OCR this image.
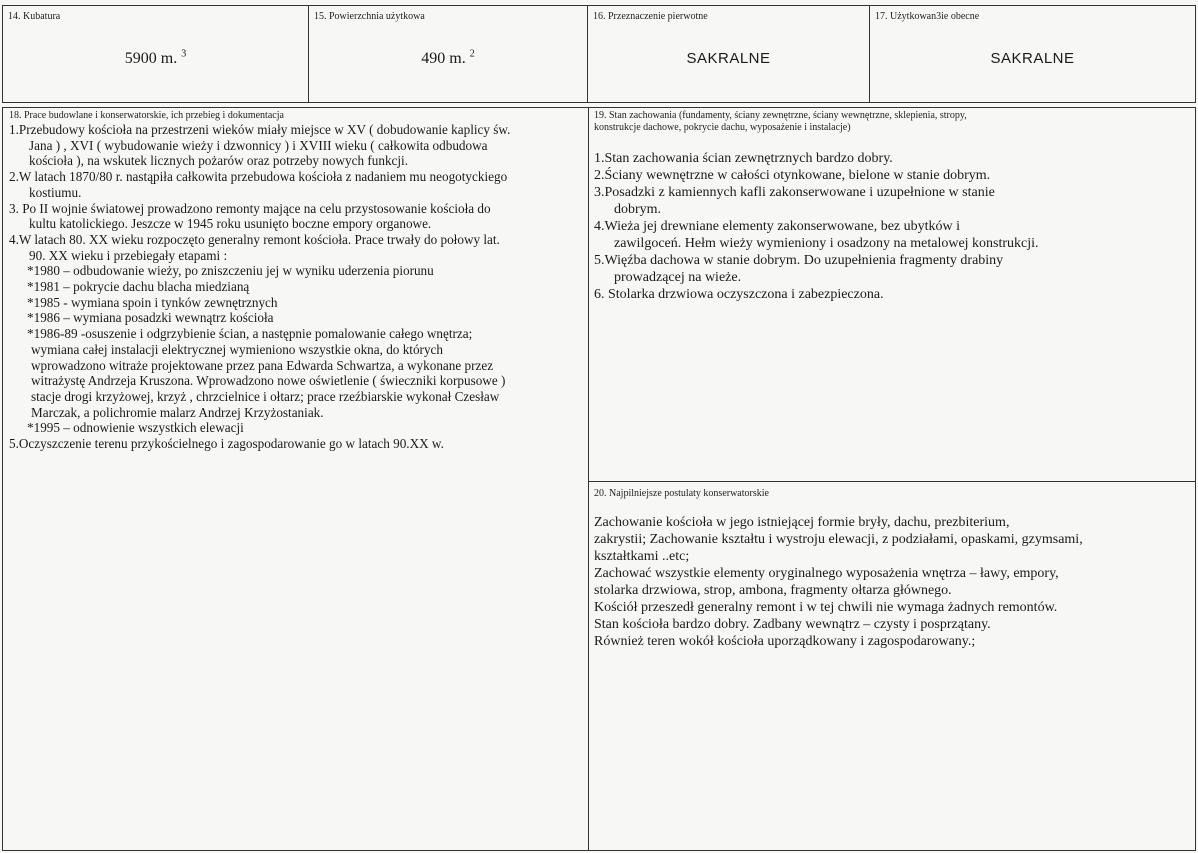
14. Kubatura
5900 m. $^3$
15. Powierzchnia użytkowa
490 m. $^2$
16. Przeznaczenie pierwotne
SAKRALNE
17. Użytkowan3ie obecne
SAKRALNE
18. Prace budowlane i konserwatorskie, ich przebieg i dokumentacja
1.Przebudowy kościoła na przestrzeni wieków miały miejsce w XV ( dobudowanie kaplicy św.
Jana ) , XVI ( wybudowanie wieży i dzwonnicy ) i XVIII wieku ( całkowita odbudowa
kościoła ), na wskutek licznych pożarów oraz potrzeby nowych funkcji.
2.W latach 1870/80 r. nastąpiła całkowita przebudowa kościoła z nadaniem mu neogotyckiego
kostiumu.
3. Po II wojnie światowej prowadzono remonty mające na celu przystosowanie kościoła do
kultu katolickiego. Jeszcze w 1945 roku usunięto boczne empory organowe.
4.W latach 80. XX wieku rozpoczęto generalny remont kościoła. Prace trwały do połowy lat.
90. XX wieku i przebiegały etapami :
*1980 – odbudowanie wieży, po zniszczeniu jej w wyniku uderzenia piorunu
*1981 – pokrycie dachu blacha miedzianą
*1985 - wymiana spoin i tynków zewnętrznych
*1986 – wymiana posadzki wewnątrz kościoła
*1986-89 -osuszenie i odgrzybienie ścian, a następnie pomalowanie całego wnętrza;
wymiana całej instalacji elektrycznej wymieniono wszystkie okna, do których
wprowadzono witraże projektowane przez pana Edwarda Schwartza, a wykonane przez
witrażystę Andrzeja Kruszona. Wprowadzono nowe oświetlenie ( świeczniki korpusowe )
stacje drogi krzyżowej, krzyż , chrzcielnice i ołtarz; prace rzeźbiarskie wykonał Czesław
Marczak, a polichromie malarz Andrzej Krzyżostaniak.
*1995 – odnowienie wszystkich elewacji
5.Oczyszczenie terenu przykościelnego i zagospodarowanie go w latach 90.XX w.
19. Stan zachowania (fundamenty, ściany zewnętrzne, ściany wewnętrzne, sklepienia, stropy,
konstrukcje dachowe, pokrycie dachu, wyposażenie i instalacje)
1.Stan zachowania ścian zewnętrznych bardzo dobry.
2.Ściany wewnętrzne w całości otynkowane, bielone w stanie dobrym.
3.Posadzki z kamiennych kafli zakonserwowane i uzupełnione w stanie
dobrym.
4.Wieża jej drewniane elementy zakonserwowane, bez ubytków i
zawilgoceń. Hełm wieży wymieniony i osadzony na metalowej konstrukcji.
5.Więźba dachowa w stanie dobrym. Do uzupełnienia fragmenty drabiny
prowadzącej na wieże.
6. Stolarka drzwiowa oczyszczona i zabezpieczona.
20. Najpilniejsze postulaty konserwatorskie
Zachowanie kościoła w jego istniejącej formie bryły, dachu, prezbiterium,
zakrystii; Zachowanie kształtu i wystroju elewacji, z podziałami, opaskami, gzymsami,
kształtkami ..etc;
Zachować wszystkie elementy oryginalnego wyposażenia wnętrza – ławy, empory,
stolarka drzwiowa, strop, ambona, fragmenty ołtarza głównego.
Kościół przeszedł generalny remont i w tej chwili nie wymaga żadnych remontów.
Stan kościoła bardzo dobry. Zadbany wewnątrz – czysty i posprzątany.
Również teren wokół kościoła uporządkowany i zagospodarowany.;
